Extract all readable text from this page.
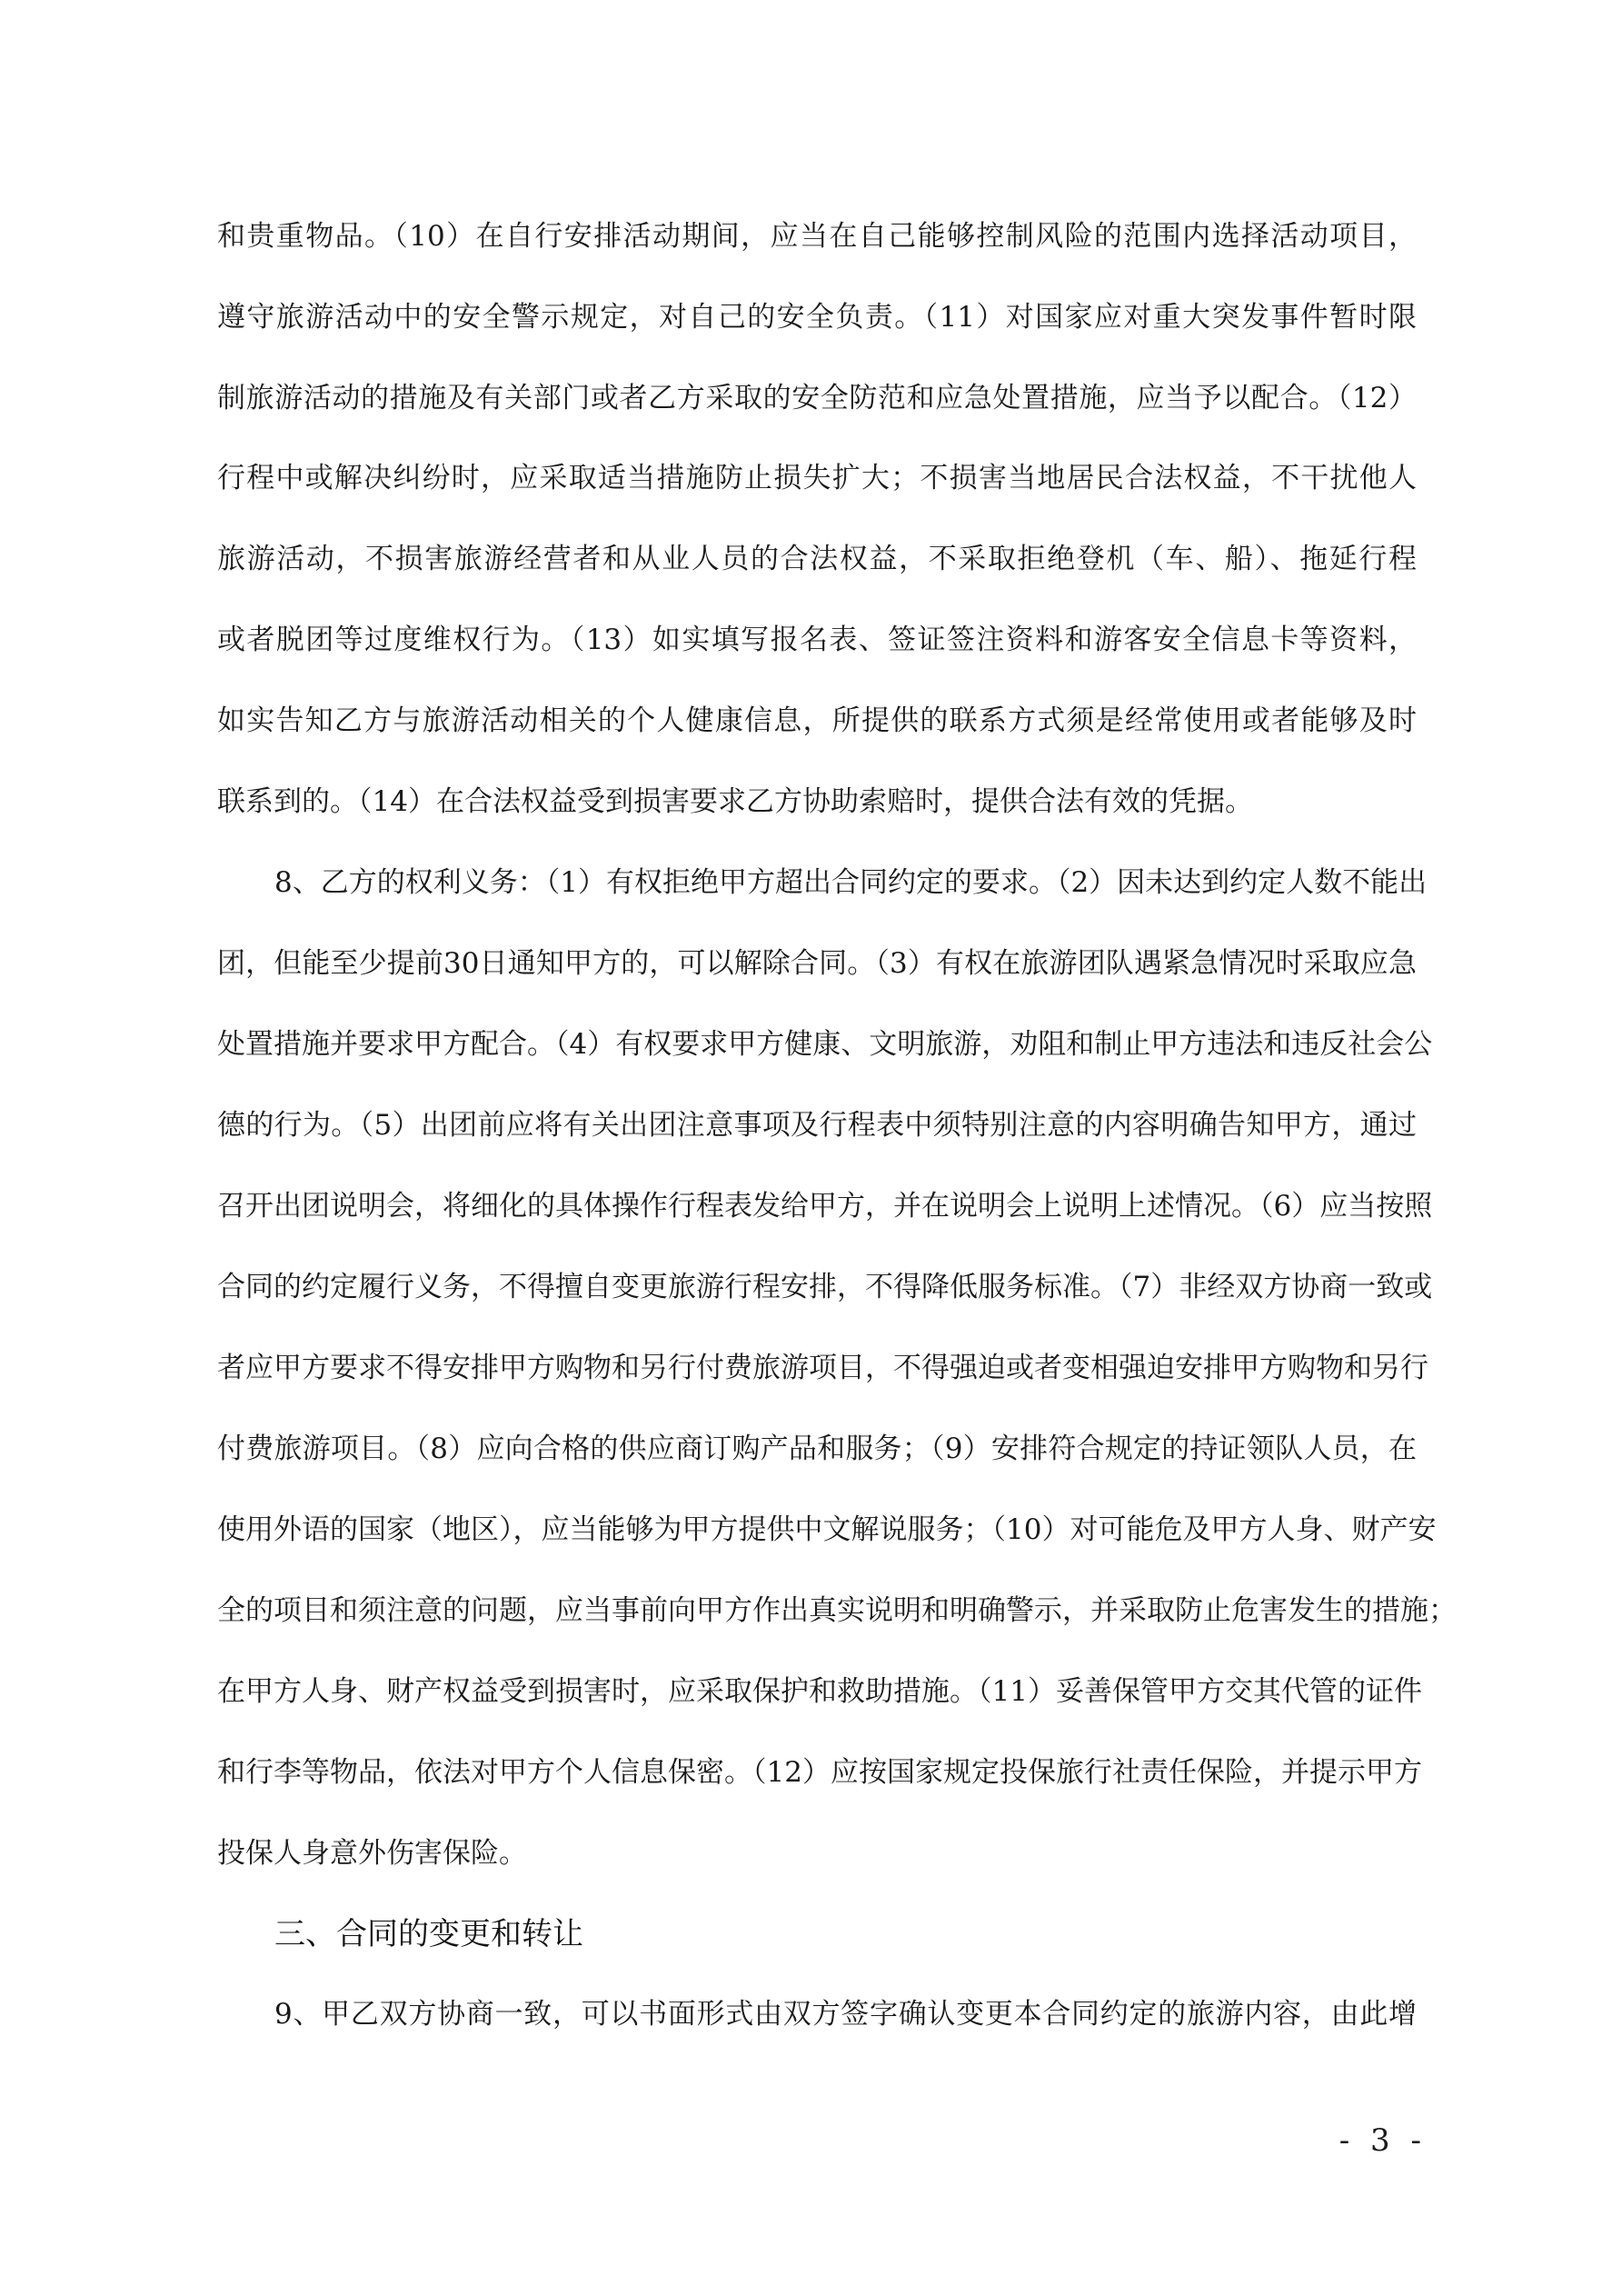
和贵重物品。（10）在自行安排活动期间，应当在自己能够控制风险的范围内选择活动项目，
遵守旅游活动中的安全警示规定，对自己的安全负责。（11）对国家应对重大突发事件暂时限
制旅游活动的措施及有关部门或者乙方采取的安全防范和应急处置措施，应当予以配合。（12）
行程中或解决纠纷时，应采取适当措施防止损失扩大；不损害当地居民合法权益，不干扰他人
旅游活动，不损害旅游经营者和从业人员的合法权益，不采取拒绝登机（车、船）、拖延行程
或者脱团等过度维权行为。（13）如实填写报名表、签证签注资料和游客安全信息卡等资料，
如实告知乙方与旅游活动相关的个人健康信息，所提供的联系方式须是经常使用或者能够及时
联系到的。（14）在合法权益受到损害要求乙方协助索赔时，提供合法有效的凭据。
8、乙方的权利义务：（1）有权拒绝甲方超出合同约定的要求。（2）因未达到约定人数不能出
团，但能至少提前30日通知甲方的，可以解除合同。（3）有权在旅游团队遇紧急情况时采取应急
处置措施并要求甲方配合。（4）有权要求甲方健康、文明旅游，劝阻和制止甲方违法和违反社会公
德的行为。（5）出团前应将有关出团注意事项及行程表中须特别注意的内容明确告知甲方，通过
召开出团说明会，将细化的具体操作行程表发给甲方，并在说明会上说明上述情况。（6）应当按照
合同的约定履行义务，不得擅自变更旅游行程安排，不得降低服务标准。（7）非经双方协商一致或
者应甲方要求不得安排甲方购物和另行付费旅游项目，不得强迫或者变相强迫安排甲方购物和另行
付费旅游项目。（8）应向合格的供应商订购产品和服务；（9）安排符合规定的持证领队人员，在
使用外语的国家（地区），应当能够为甲方提供中文解说服务；（10）对可能危及甲方人身、财产安
全的项目和须注意的问题，应当事前向甲方作出真实说明和明确警示，并采取防止危害发生的措施；
在甲方人身、财产权益受到损害时，应采取保护和救助措施。（11）妥善保管甲方交其代管的证件
和行李等物品，依法对甲方个人信息保密。（12）应按国家规定投保旅行社责任保险，并提示甲方
投保人身意外伤害保险。
三、合同的变更和转让
9、甲乙双方协商一致，可以书面形式由双方签字确认变更本合同约定的旅游内容，由此增
- 3 -
